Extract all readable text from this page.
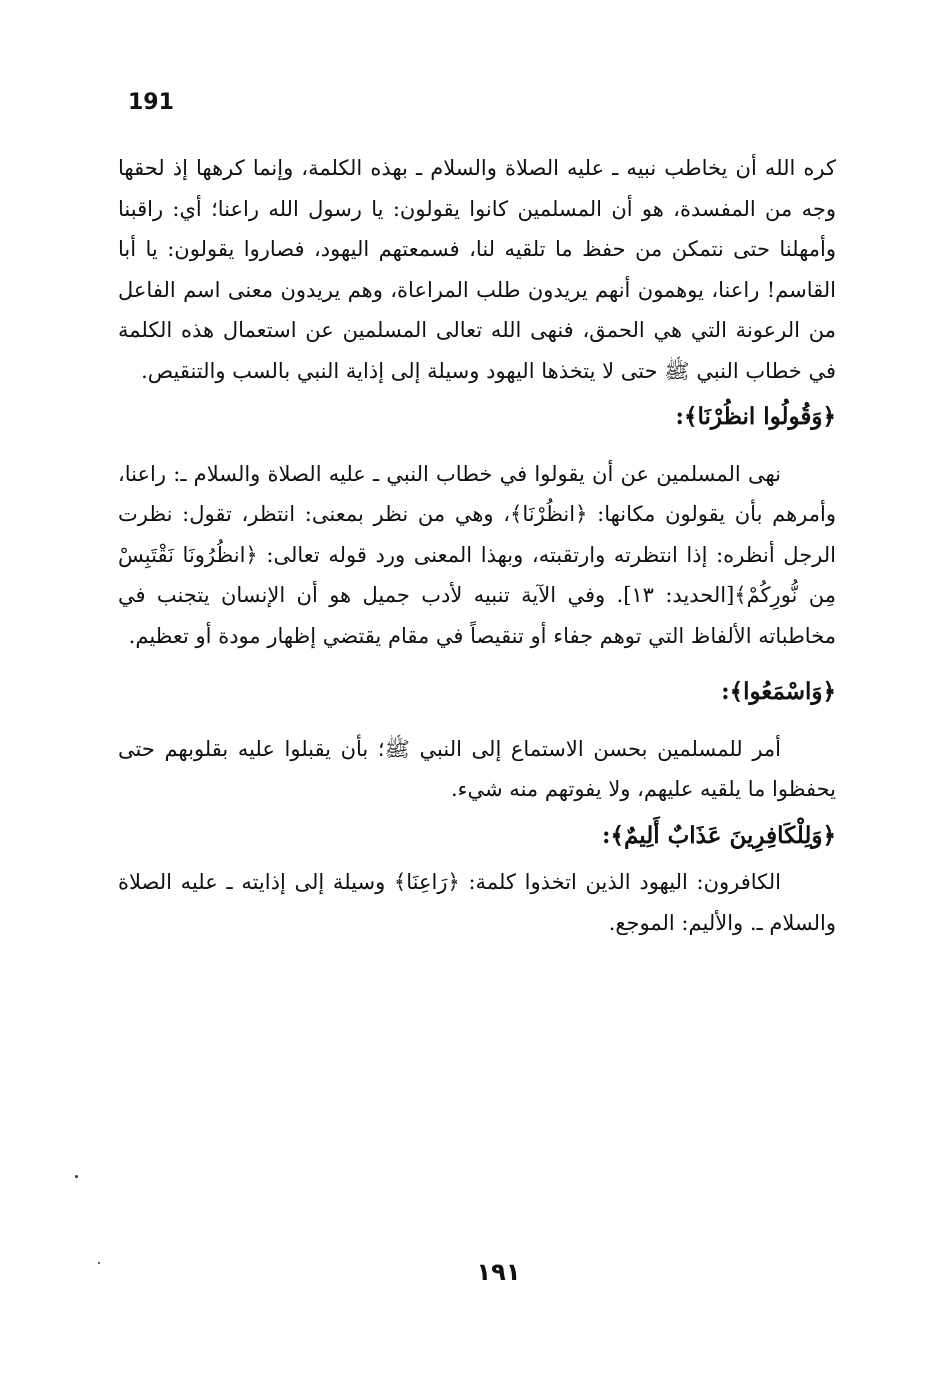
191

كره الله أن يخاطب نبيه ـ عليه الصلاة والسلام ـ بهذه الكلمة، وإنما كرهها إذ لحقها وجه من المفسدة، هو أن المسلمين كانوا يقولون: يا رسول الله راعنا؛ أي: راقبنا وأمهلنا حتى نتمكن من حفظ ما تلقيه لنا، فسمعتهم اليهود، فصاروا يقولون: يا أبا القاسم! راعنا، يوهمون أنهم يريدون طلب المراعاة، وهم يريدون معنى اسم الفاعل من الرعونة التي هي الحمق، فنهى الله تعالى المسلمين عن استعمال هذه الكلمة في خطاب النبي ﷺ حتى لا يتخذها اليهود وسيلة إلى إذاية النبي بالسب والتنقيص.

﴿وَقُولُوا انظُرْنَا﴾:

نهى المسلمين عن أن يقولوا في خطاب النبي ـ عليه الصلاة والسلام ـ: راعنا، وأمرهم بأن يقولون مكانها: ﴿انظُرْنَا﴾، وهي من نظر بمعنى: انتظر، تقول: نظرت الرجل أنظره: إذا انتظرته وارتقبته، وبهذا المعنى ورد قوله تعالى: ﴿انظُرُونَا نَقْتَبِسْ مِن نُّورِكُمْ﴾[الحديد: ١٣]. وفي الآية تنبيه لأدب جميل هو أن الإنسان يتجنب في مخاطباته الألفاظ التي توهم جفاء أو تنقيصاً في مقام يقتضي إظهار مودة أو تعظيم.

﴿وَاسْمَعُوا﴾:

أمر للمسلمين بحسن الاستماع إلى النبي ﷺ؛ بأن يقبلوا عليه بقلوبهم حتى يحفظوا ما يلقيه عليهم، ولا يفوتهم منه شيء.

﴿وَلِلْكَافِرِينَ عَذَابٌ أَلِيمٌ﴾:

الكافرون: اليهود الذين اتخذوا كلمة: ﴿رَاعِنَا﴾ وسيلة إلى إذايته ـ عليه الصلاة والسلام ـ. والأليم: الموجع.

١٩١
